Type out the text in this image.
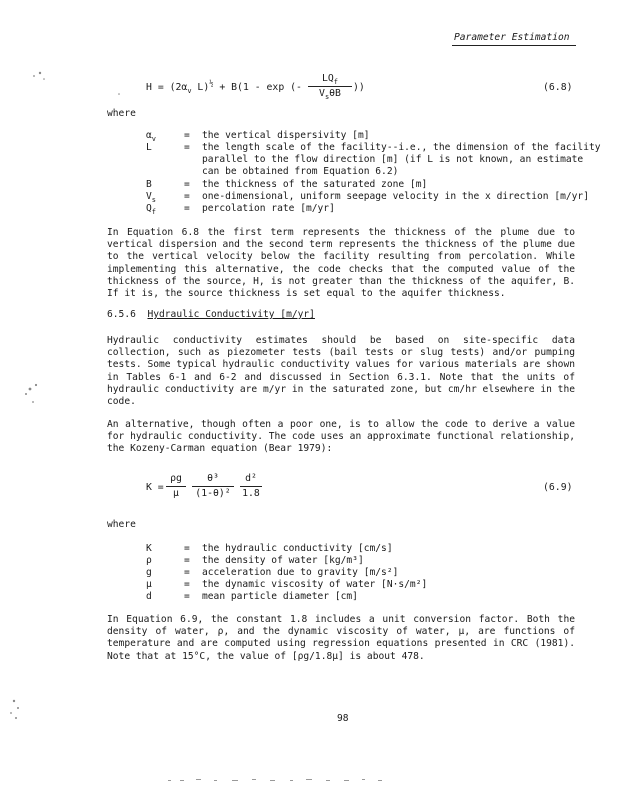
Parameter Estimation
$H = (2\alpha_v$ L)$^{\frac{1}{2}}$ + B(1 - exp (-
$LQ_f$
$V_s\theta B$
))	(6.8)
where
$\alpha_v$	= the vertical dispersivity [m]
L	= the length scale of the facility--i.e., the dimension of the facility
parallel to the flow direction [m] (if L is not known, an estimate
can be obtained from Equation 6.2)
B	= the thickness of the saturated zone [m]
$V_s$	= one-dimensional, uniform seepage velocity in the x direction [m/yr]
$Q_f$	= percolation rate [m/yr]

In Equation 6.8 the first term represents the thickness of the plume due to vertical dispersion and the second term represents the thickness of the plume due to the vertical velocity below the facility resulting from percolation. While implementing this alternative, the code checks that the computed value of the thickness of the source, H, is not greater than the thickness of the aquifer, B. If it is, the source thickness is set equal to the aquifer thickness.

6.5.6 Hydraulic Conductivity [m/yr]

Hydraulic conductivity estimates should be based on site-specific data collection, such as piezometer tests (bail tests or slug tests) and/or pumping tests. Some typical hydraulic conductivity values for various materials are shown in Tables 6-1 and 6-2 and discussed in Section 6.3.1. Note that the units of hydraulic conductivity are m/yr in the saturated zone, but cm/hr elsewhere in the code.

An alternative, though often a poor one, is to allow the code to derive a value for hydraulic conductivity. The code uses an approximate functional relationship, the Kozeny-Carman equation (Bear 1979):

K =
ρg
μ
θ³
(1-θ)²
d²
1.8
(6.9)
where
K	= the hydraulic conductivity [cm/s]
ρ	= the density of water [kg/m³]
g	= acceleration due to gravity [m/s²]
μ	= the dynamic viscosity of water [N·s/m²]
d	= mean particle diameter [cm]

In Equation 6.9, the constant 1.8 includes a unit conversion factor. Both the density of water, ρ, and the dynamic viscosity of water, μ, are functions of temperature and are computed using regression equations presented in CRC (1981). Note that at 15°C, the value of [ρg/1.8μ] is about 478.

98
